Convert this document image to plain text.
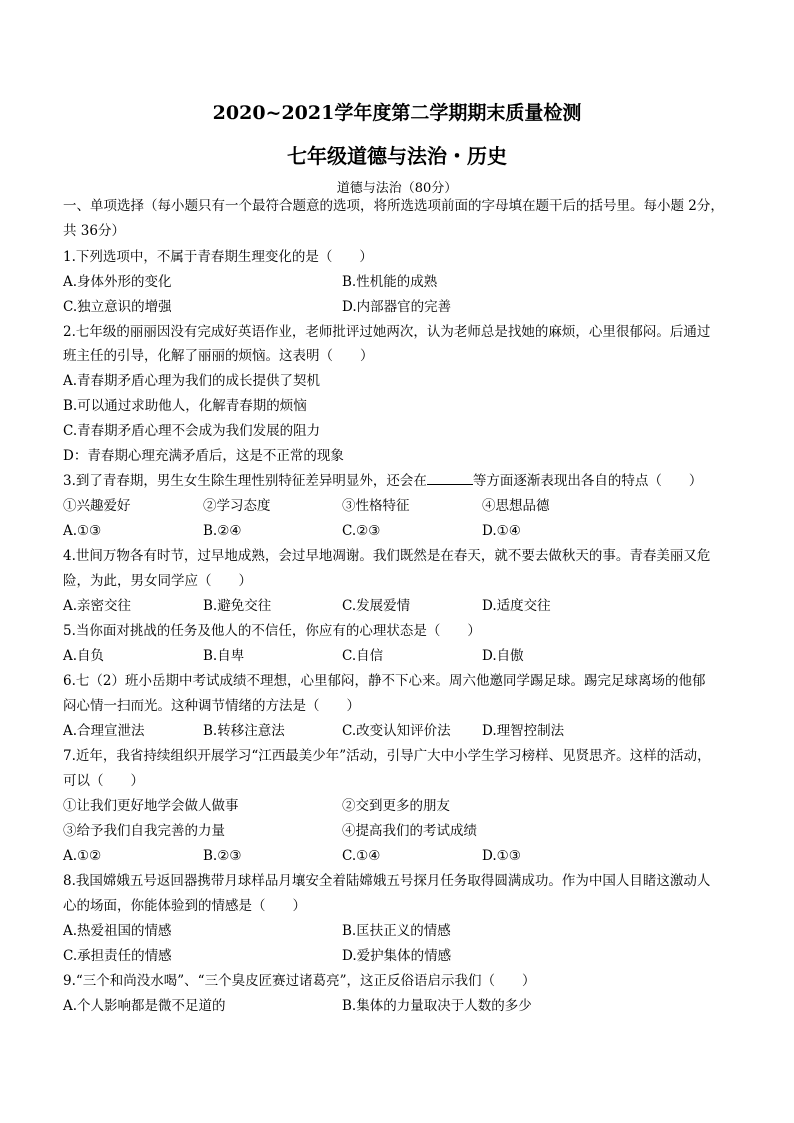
2020~2021学年度第二学期期末质量检测
七年级道德与法治・历史
道德与法治（80分）
一、单项选择（每小题只有一个最符合题意的选项，将所选选项前面的字母填在题干后的括号里。每小题 2分，
共 36分）
1.下列选项中，不属于青春期生理变化的是（　　）
A.身体外形的变化	B.性机能的成熟
C.独立意识的增强	D.内部器官的完善
2.七年级的丽丽因没有完成好英语作业，老师批评过她两次，认为老师总是找她的麻烦，心里很郁闷。后通过
班主任的引导，化解了丽丽的烦恼。这表明（　　）
A.青春期矛盾心理为我们的成长提供了契机
B.可以通过求助他人，化解青春期的烦恼
C.青春期矛盾心理不会成为我们发展的阻力
D：青春期心理充满矛盾后，这是不正常的现象
3.到了青春期，男生女生除生理性别特征差异明显外，还会在	等方面逐渐表现出各自的特点（　　）
①兴趣爱好	②学习态度	③性格特征	④思想品德
A.①③	B.②④	C.②③	D.①④
4.世间万物各有时节，过早地成熟，会过早地凋谢。我们既然是在春天，就不要去做秋天的事。青春美丽又危
险，为此，男女同学应（　　）
A.亲密交往	B.避免交往	C.发展爱情	D.适度交往
5.当你面对挑战的任务及他人的不信任，你应有的心理状态是（　　）
A.自负	B.自卑	C.自信	D.自傲
6.七（2）班小岳期中考试成绩不理想，心里郁闷，静不下心来。周六他邀同学踢足球。踢完足球离场的他郁
闷心情一扫而光。这种调节情绪的方法是（　　）
A.合理宣泄法	B.转移注意法	C.改变认知评价法 D.理智控制法
7.近年，我省持续组织开展学习“江西最美少年”活动，引导广大中小学生学习榜样、见贤思齐。这样的活动，
可以（　　）
①让我们更好地学会做人做事	②交到更多的朋友
③给予我们自我完善的力量	④提高我们的考试成绩
A.①②	B.②③	C.①④	D.①③
8.我国嫦娥五号返回器携带月球样品月壤安全着陆嫦娥五号探月任务取得圆满成功。作为中国人目睹这激动人
心的场面，你能体验到的情感是（　　）
A.热爱祖国的情感	B.匡扶正义的情感
C.承担责任的情感	D.爱护集体的情感
9.“三个和尚没水喝”、“三个臭皮匠赛过诸葛亮”，这正反俗语启示我们（　　）
A.个人影响都是微不足道的	B.集体的力量取决于人数的多少
